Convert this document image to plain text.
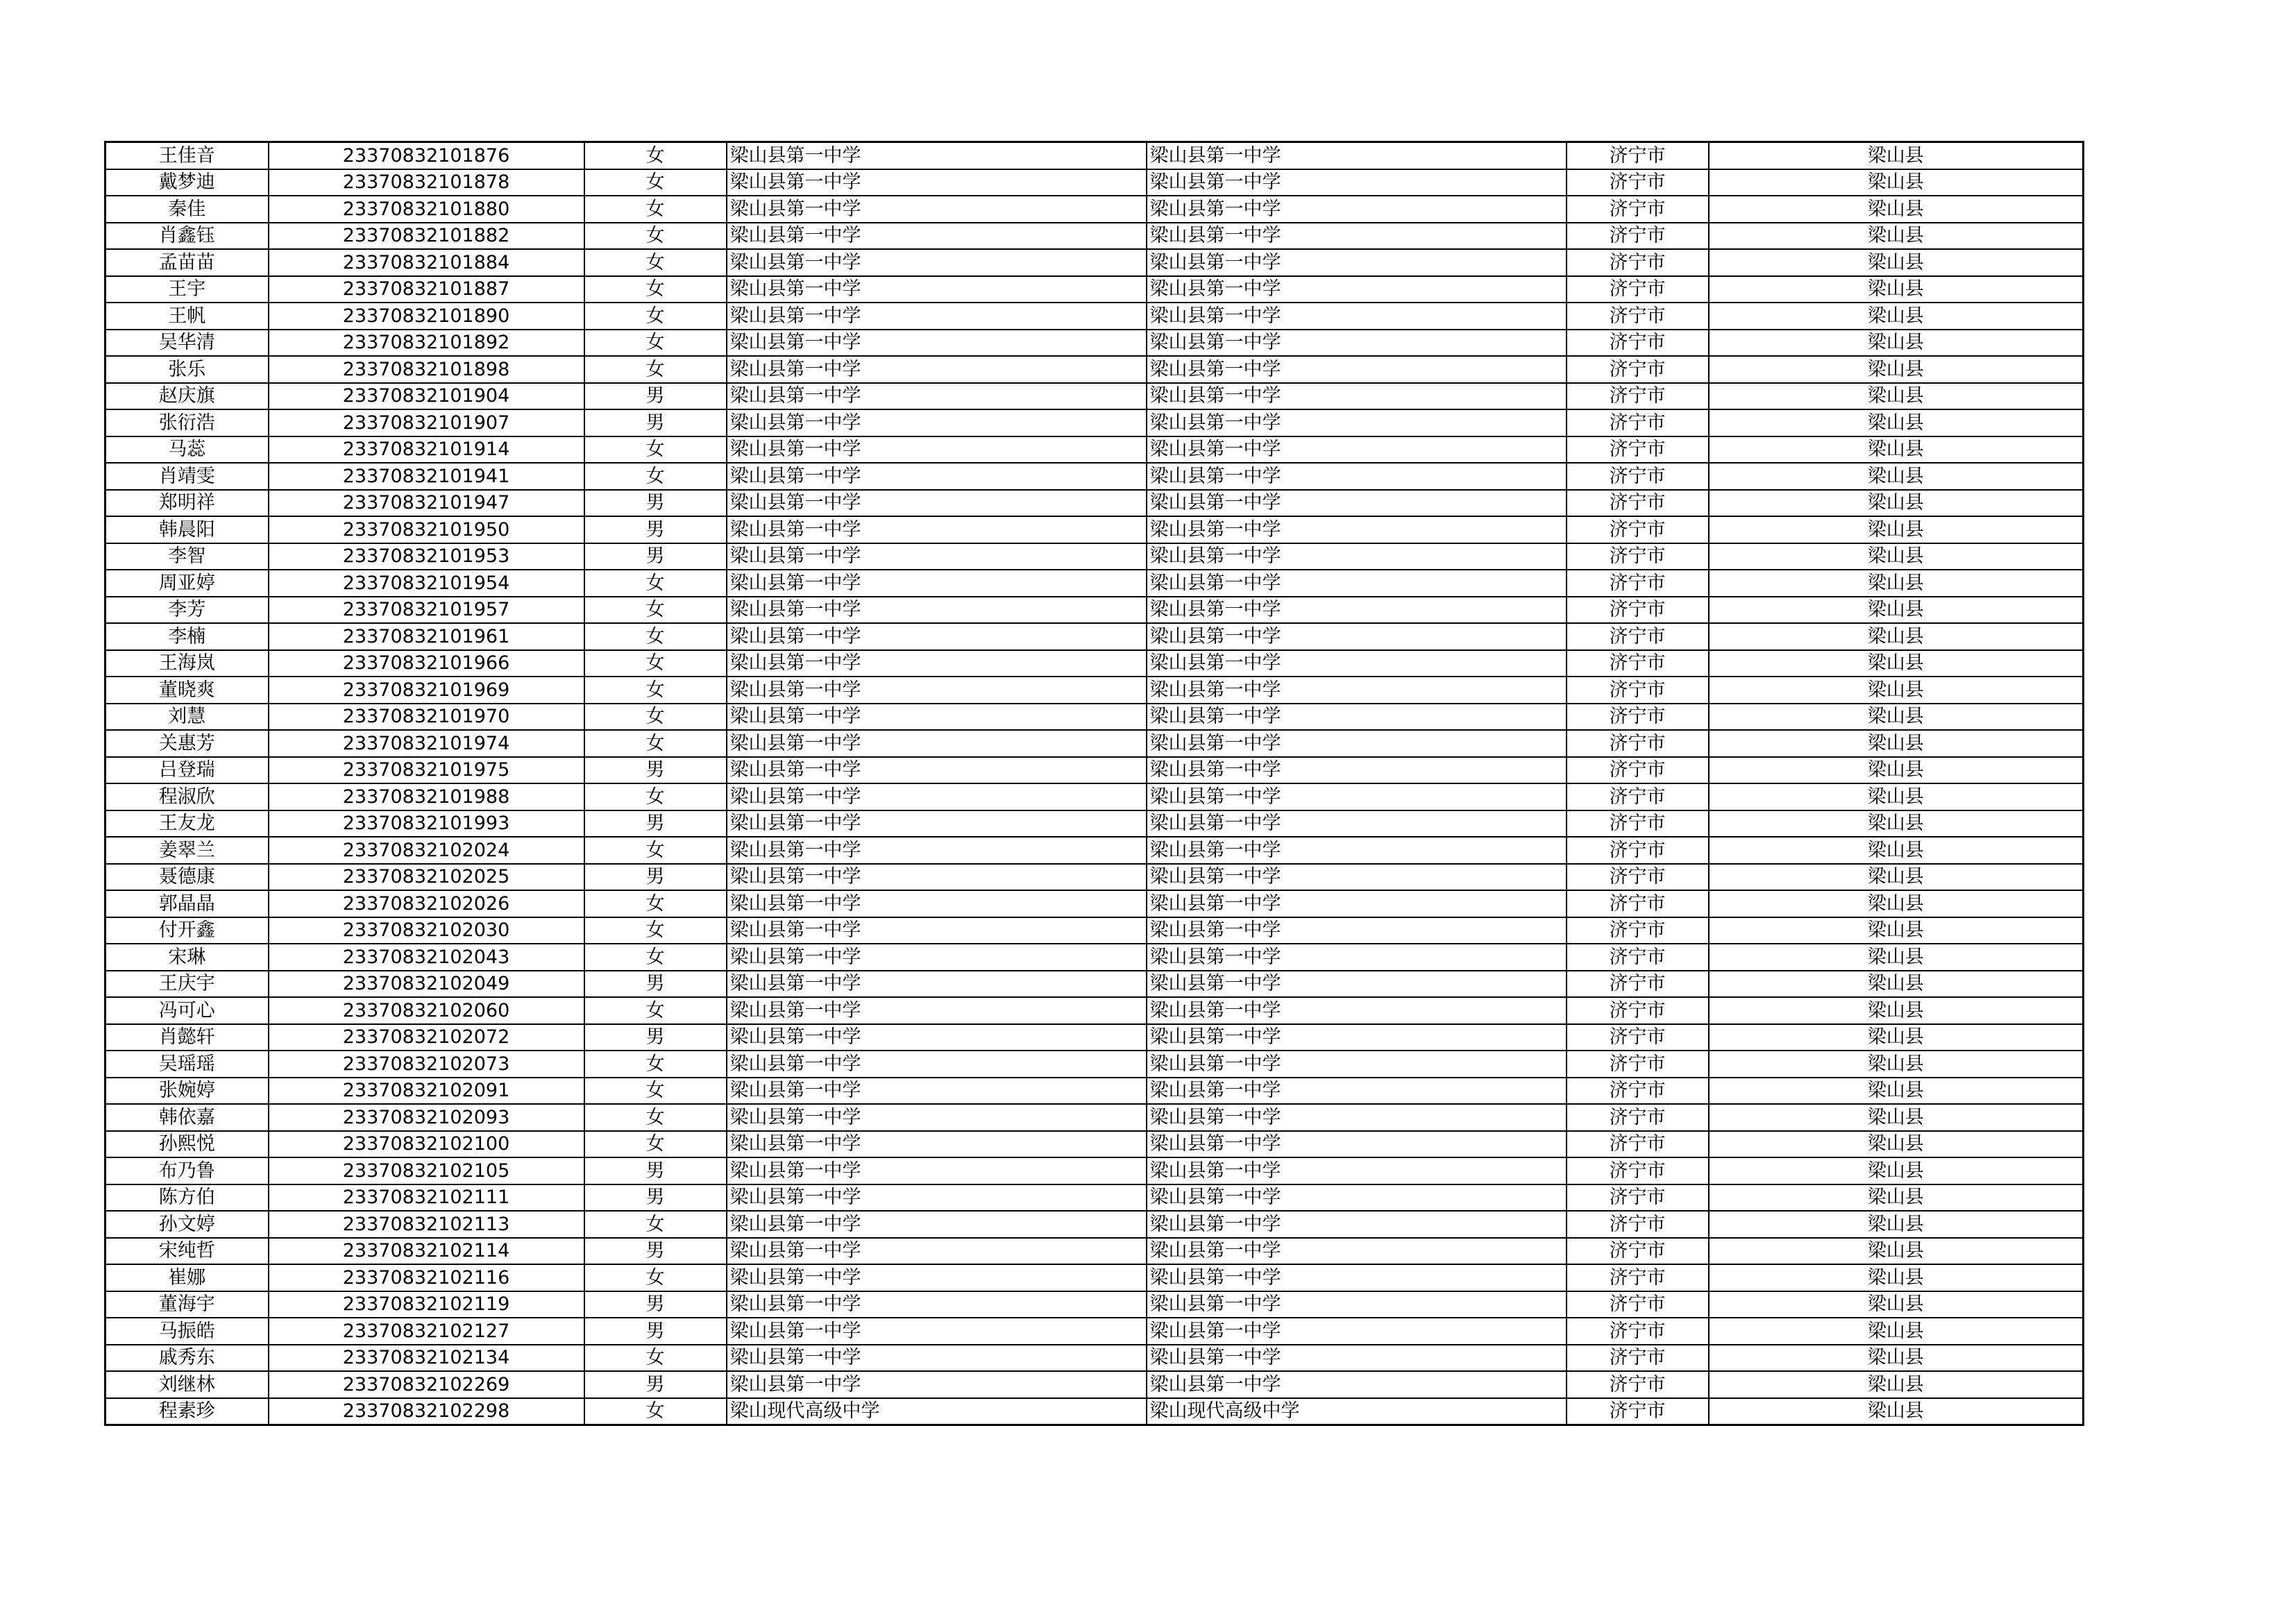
王佳音	23370832101876	女	梁山县第一中学	梁山县第一中学	济宁市	梁山县
戴梦迪	23370832101878	女	梁山县第一中学	梁山县第一中学	济宁市	梁山县
秦佳	23370832101880	女	梁山县第一中学	梁山县第一中学	济宁市	梁山县
肖鑫钰	23370832101882	女	梁山县第一中学	梁山县第一中学	济宁市	梁山县
孟苗苗	23370832101884	女	梁山县第一中学	梁山县第一中学	济宁市	梁山县
王宇	23370832101887	女	梁山县第一中学	梁山县第一中学	济宁市	梁山县
王帆	23370832101890	女	梁山县第一中学	梁山县第一中学	济宁市	梁山县
吴华清	23370832101892	女	梁山县第一中学	梁山县第一中学	济宁市	梁山县
张乐	23370832101898	女	梁山县第一中学	梁山县第一中学	济宁市	梁山县
赵庆旗	23370832101904	男	梁山县第一中学	梁山县第一中学	济宁市	梁山县
张衍浩	23370832101907	男	梁山县第一中学	梁山县第一中学	济宁市	梁山县
马蕊	23370832101914	女	梁山县第一中学	梁山县第一中学	济宁市	梁山县
肖靖雯	23370832101941	女	梁山县第一中学	梁山县第一中学	济宁市	梁山县
郑明祥	23370832101947	男	梁山县第一中学	梁山县第一中学	济宁市	梁山县
韩晨阳	23370832101950	男	梁山县第一中学	梁山县第一中学	济宁市	梁山县
李智	23370832101953	男	梁山县第一中学	梁山县第一中学	济宁市	梁山县
周亚婷	23370832101954	女	梁山县第一中学	梁山县第一中学	济宁市	梁山县
李芳	23370832101957	女	梁山县第一中学	梁山县第一中学	济宁市	梁山县
李楠	23370832101961	女	梁山县第一中学	梁山县第一中学	济宁市	梁山县
王海岚	23370832101966	女	梁山县第一中学	梁山县第一中学	济宁市	梁山县
董晓爽	23370832101969	女	梁山县第一中学	梁山县第一中学	济宁市	梁山县
刘慧	23370832101970	女	梁山县第一中学	梁山县第一中学	济宁市	梁山县
关惠芳	23370832101974	女	梁山县第一中学	梁山县第一中学	济宁市	梁山县
吕登瑞	23370832101975	男	梁山县第一中学	梁山县第一中学	济宁市	梁山县
程淑欣	23370832101988	女	梁山县第一中学	梁山县第一中学	济宁市	梁山县
王友龙	23370832101993	男	梁山县第一中学	梁山县第一中学	济宁市	梁山县
姜翠兰	23370832102024	女	梁山县第一中学	梁山县第一中学	济宁市	梁山县
聂德康	23370832102025	男	梁山县第一中学	梁山县第一中学	济宁市	梁山县
郭晶晶	23370832102026	女	梁山县第一中学	梁山县第一中学	济宁市	梁山县
付开鑫	23370832102030	女	梁山县第一中学	梁山县第一中学	济宁市	梁山县
宋琳	23370832102043	女	梁山县第一中学	梁山县第一中学	济宁市	梁山县
王庆宇	23370832102049	男	梁山县第一中学	梁山县第一中学	济宁市	梁山县
冯可心	23370832102060	女	梁山县第一中学	梁山县第一中学	济宁市	梁山县
肖懿轩	23370832102072	男	梁山县第一中学	梁山县第一中学	济宁市	梁山县
吴瑶瑶	23370832102073	女	梁山县第一中学	梁山县第一中学	济宁市	梁山县
张婉婷	23370832102091	女	梁山县第一中学	梁山县第一中学	济宁市	梁山县
韩依嘉	23370832102093	女	梁山县第一中学	梁山县第一中学	济宁市	梁山县
孙熙悦	23370832102100	女	梁山县第一中学	梁山县第一中学	济宁市	梁山县
布乃鲁	23370832102105	男	梁山县第一中学	梁山县第一中学	济宁市	梁山县
陈方伯	23370832102111	男	梁山县第一中学	梁山县第一中学	济宁市	梁山县
孙文婷	23370832102113	女	梁山县第一中学	梁山县第一中学	济宁市	梁山县
宋纯哲	23370832102114	男	梁山县第一中学	梁山县第一中学	济宁市	梁山县
崔娜	23370832102116	女	梁山县第一中学	梁山县第一中学	济宁市	梁山县
董海宇	23370832102119	男	梁山县第一中学	梁山县第一中学	济宁市	梁山县
马振皓	23370832102127	男	梁山县第一中学	梁山县第一中学	济宁市	梁山县
戚秀东	23370832102134	女	梁山县第一中学	梁山县第一中学	济宁市	梁山县
刘继林	23370832102269	男	梁山县第一中学	梁山县第一中学	济宁市	梁山县
程素珍	23370832102298	女	梁山现代高级中学	梁山现代高级中学	济宁市	梁山县
